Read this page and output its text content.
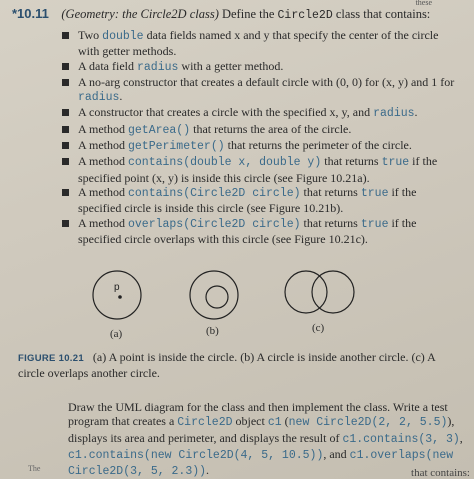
these
*10.11 (Geometry: the Circle2D class) Define the Circle2D class that contains:
Two double data fields named x and y that specify the center of the circle with getter methods.
A data field radius with a getter method.
A no-arg constructor that creates a default circle with (0, 0) for (x, y) and 1 for radius.
A constructor that creates a circle with the specified x, y, and radius.
A method getArea() that returns the area of the circle.
A method getPerimeter() that returns the perimeter of the circle.
A method contains(double x, double y) that returns true if the specified point (x, y) is inside this circle (see Figure 10.21a).
A method contains(Circle2D circle) that returns true if the specified circle is inside this circle (see Figure 10.21b).
A method overlaps(Circle2D circle) that returns true if the specified circle overlaps with this circle (see Figure 10.21c).
p
(a)	(b)	(c)
FIGURE 10.21 (a) A point is inside the circle. (b) A circle is inside another circle. (c) A circle overlaps another circle.
Draw the UML diagram for the class and then implement the class. Write a test program that creates a Circle2D object c1 (new Circle2D(2, 2, 5.5)), displays its area and perimeter, and displays the result of c1.contains(3, 3), c1.contains(new Circle2D(4, 5, 10.5)), and c1.overlaps(new Circle2D(3, 5, 2.3)).
The	that contains:
